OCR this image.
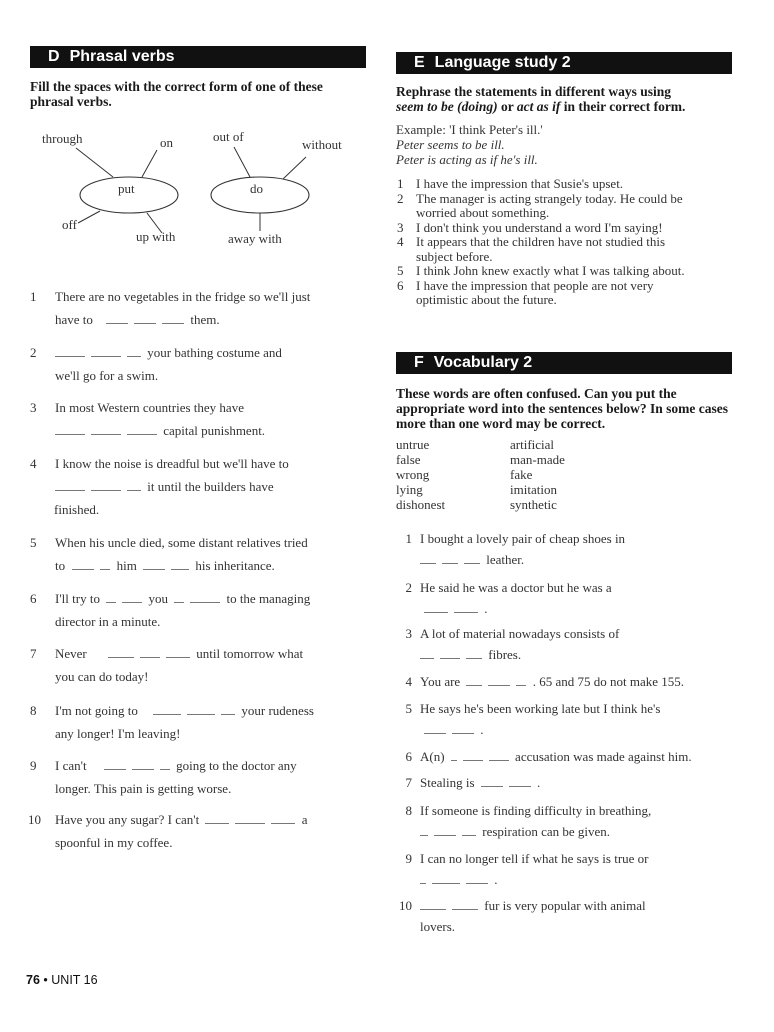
D Phrasal verbs
Fill the spaces with the correct form of one of these phrasal verbs.
through	on	out of
without
put	do
off
up with	away with
1	There are no vegetables in the fridge so we'll just
have to	them.
2	your bathing costume and
we'll go for a swim.
3	In most Western countries they have
capital punishment.
4	I know the noise is dreadful but we'll have to
it until the builders have
finished.
5	When his uncle died, some distant relatives tried
to	him	his inheritance.
6	I'll try to	you	to the managing
director in a minute.
7	Never	until tomorrow what
you can do today!
8	I'm not going to	your rudeness
any longer! I'm leaving!
9	I can't	going to the doctor any
longer. This pain is getting worse.
10	Have you any sugar? I can't	a
spoonful in my coffee.
E Language study 2
Rephrase the statements in different ways using
seem to be (doing) or act as if in their correct form.
Example: 'I think Peter's ill.'
Peter seems to be ill.
Peter is acting as if he's ill.
1 I have the impression that Susie's upset.
2 The manager is acting strangely today. He could be
worried about something.
3 I don't think you understand a word I'm saying!
4 It appears that the children have not studied this
subject before.
5 I think John knew exactly what I was talking about.
6 I have the impression that people are not very
optimistic about the future.
F Vocabulary 2
These words are often confused. Can you put the appropriate word into the sentences below? In some cases more than one word may be correct.
untrue	artificial
false	man-made
wrong	fake
lying	imitation
dishonest	synthetic
1 I bought a lovely pair of cheap shoes in
leather.
2 He said he was a doctor but he was a
.
3 A lot of material nowadays consists of
fibres.
4 You are	. 65 and 75 do not make 155.
5 He says he's been working late but I think he's
.
6 A(n)	accusation was made against him.
7 Stealing is	.
8 If someone is finding difficulty in breathing,
respiration can be given.
9 I can no longer tell if what he says is true or
.
10	fur is very popular with animal
lovers.
76 • UNIT 16
